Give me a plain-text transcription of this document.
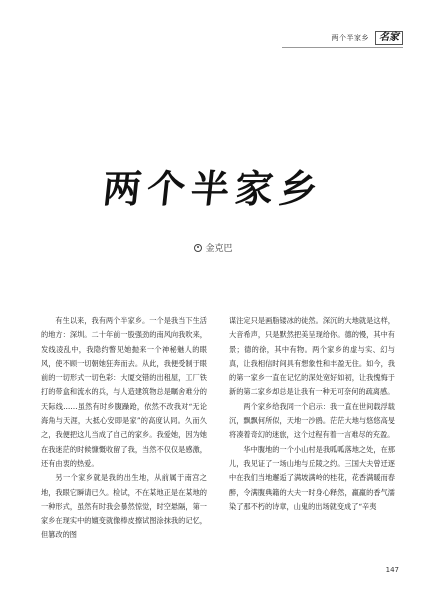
两个半家乡	名家
两个半家乡
金克巴

有生以来，我有两个半家乡。一个是我当下生活的地方：深圳。二十年前一股强劲的南风向我吹来，发线凌乱中，我隐约瞥见她抛来一个神秘魅人的眼风，使不顾一切朝她狂奔而去。从此，我便受制于眼前的一切形式一切色彩：大厦交错的出租屋，工厂铁打的带盒和流水的兵，与人造建筑物总是瞩舍难分的天际线……虽然有时乡腹躁跄，依然不改我对“无论海角与天涯，大抵心安即是家”的高度认同。久而久之，我便把这儿当成了自己的家乡。我爱她，因为她在我迷茫的时候慷慨收留了我，当然不仅仅是感激，还有由衷的热爱。

另一个家乡就是我的出生地，从前属于南宫之地，我眼它瞬请已久。检试，不在某地正是在某地的一种形式，虽然有时我会暴然惊觉，时空悬隔，第一家乡在现实中的嬗变就像棒皮擦试图涂抹我的记忆，但篡改的图

谋注定只是画脂镂冰的徒然。深沉的大地就是这样，大音希声，只是默然把美呈现给你。德的慢，其中有景；德的徐，其中有物。两个家乡的虚与实、幻与真，让我相信时间具有想象性和丰盈无住。如今，我的第一家乡一直在记忆的深处宽好如初，让我愧悔于新的第二家乡却总是让我有一种无可奈何的疏离感。

两个家乡给我同一个启示：我一直在世间载浮载沉，飘飘何所似，天地一沙鸥。茫茫大地与悠悠高旻将凑着奇幻的迷旅，这个过程有着一言难尽的充盈。

华中腹地的一个小山村是我呱呱落地之处，在那儿，我见证了一场山地与丘陵之约。三国大夫曾迁逐中在我们当地邂逅了满坡满岭的桂花，花香满暖而春醉，令满腹典籍的大夫一时身心释然，羸羸的香气濡染了那不朽的诗章，山鬼的出场就变成了“辛夷

147
